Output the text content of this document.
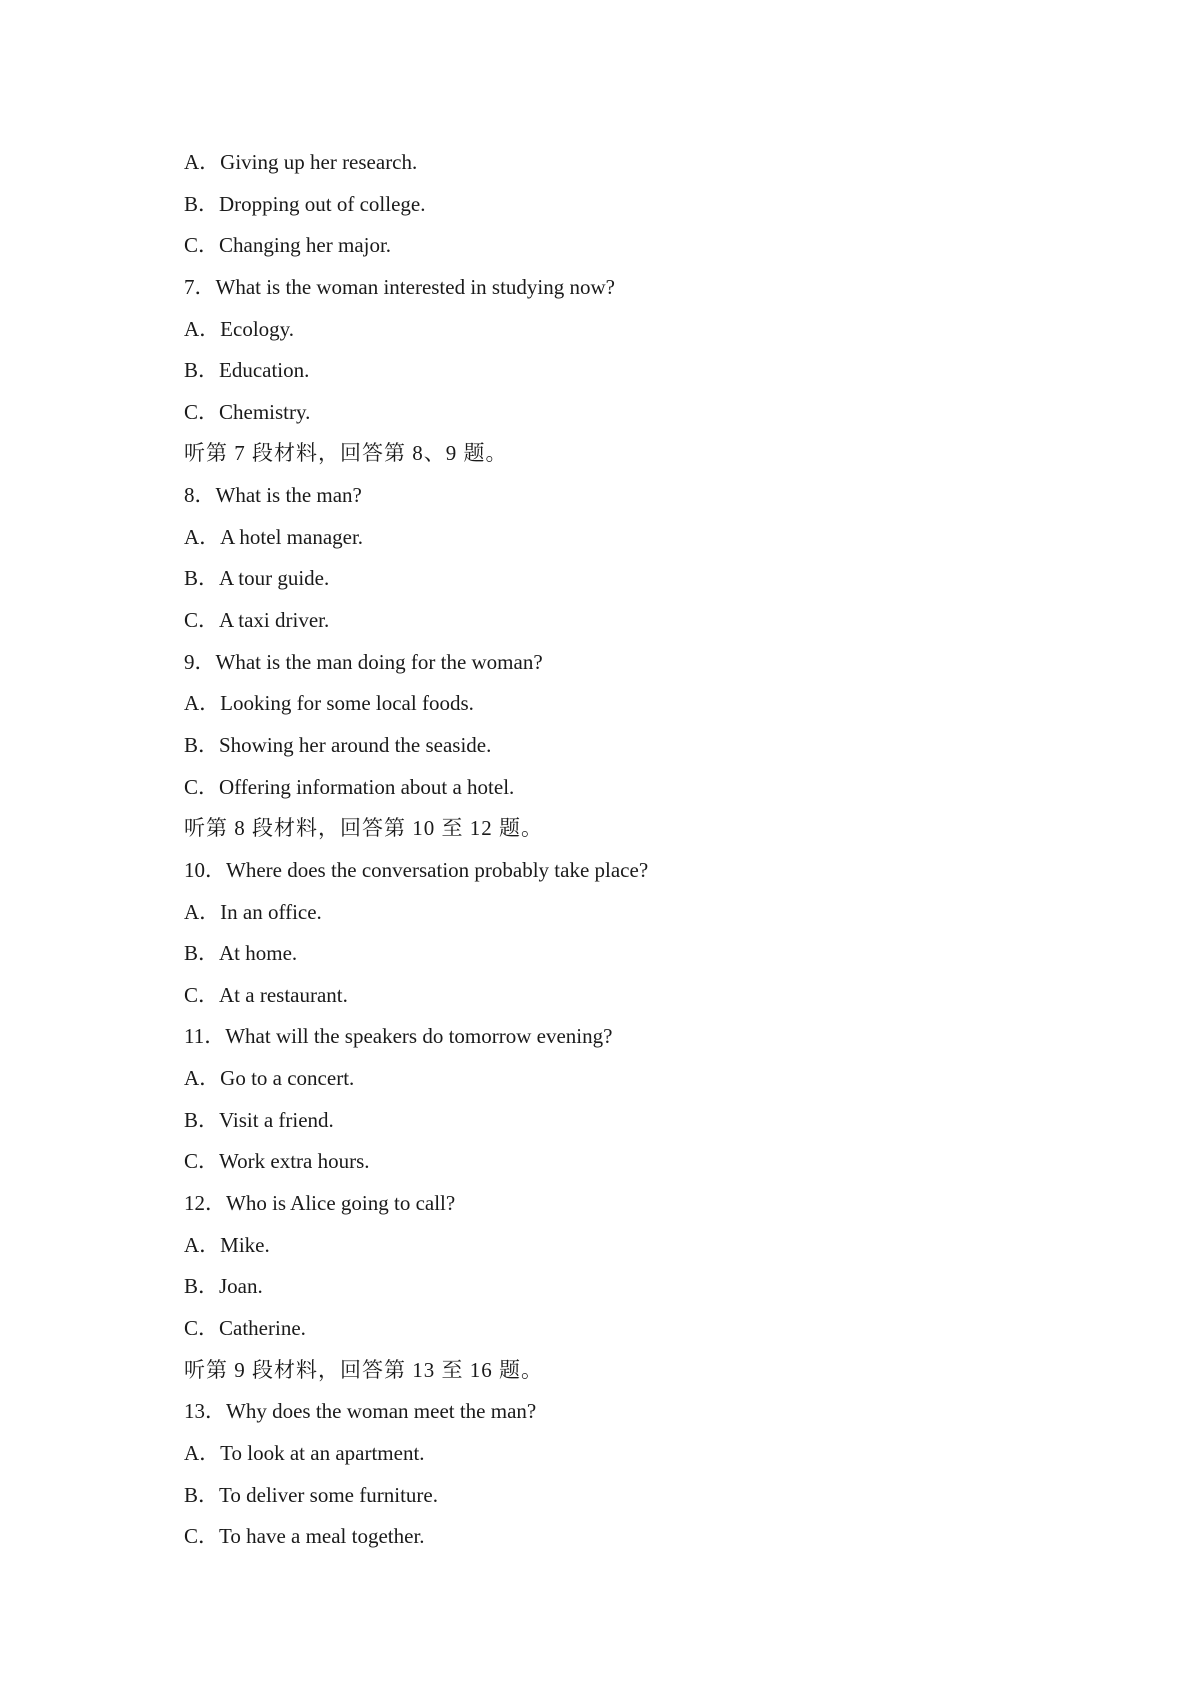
A．Giving up her research.
B．Dropping out of college.
C．Changing her major.
7．What is the woman interested in studying now?
A．Ecology.
B．Education.
C．Chemistry.
听第 7 段材料，回答第 8、9 题。
8．What is the man?
A．A hotel manager.
B．A tour guide.
C．A taxi driver.
9．What is the man doing for the woman?
A．Looking for some local foods.
B．Showing her around the seaside.
C．Offering information about a hotel.
听第 8 段材料，回答第 10 至 12 题。
10．Where does the conversation probably take place?
A．In an office.
B．At home.
C．At a restaurant.
11．What will the speakers do tomorrow evening?
A．Go to a concert.
B．Visit a friend.
C．Work extra hours.
12．Who is Alice going to call?
A．Mike.
B．Joan.
C．Catherine.
听第 9 段材料，回答第 13 至 16 题。
13．Why does the woman meet the man?
A．To look at an apartment.
B．To deliver some furniture.
C．To have a meal together.
